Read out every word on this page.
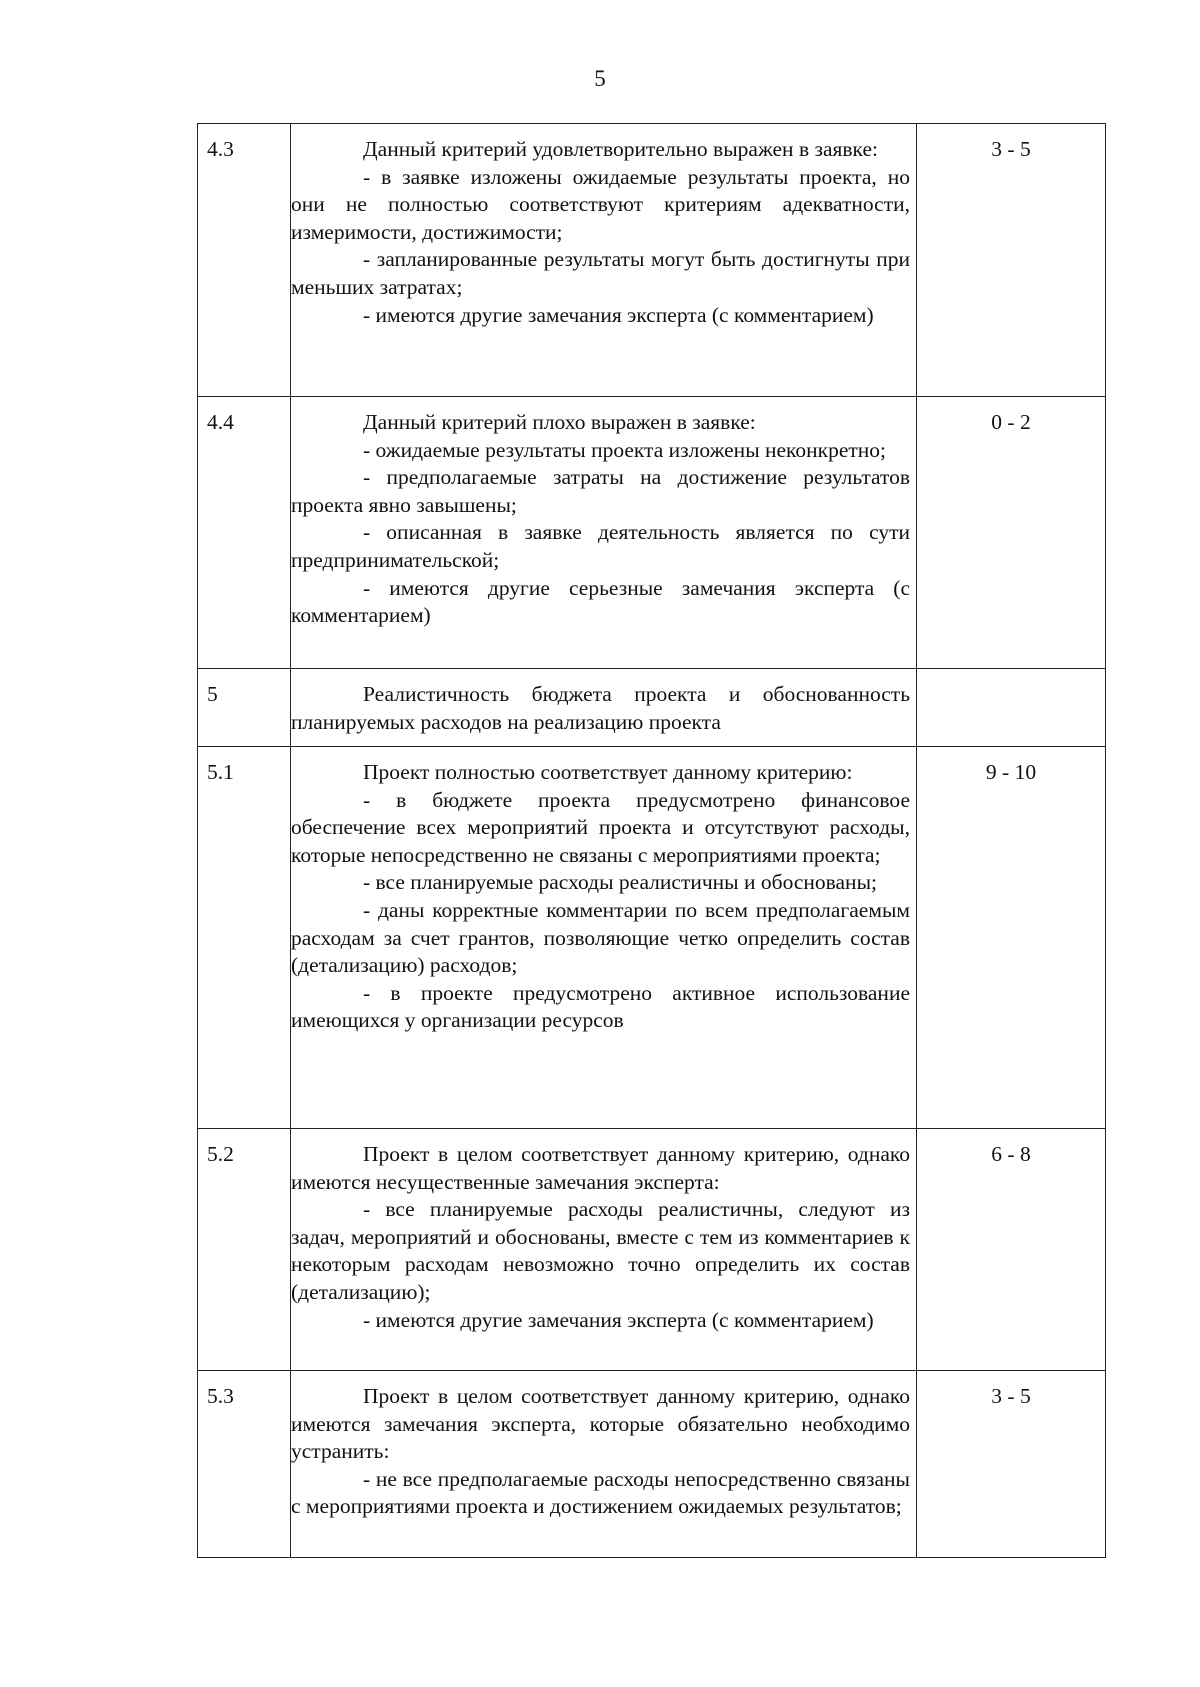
5
4.3	Данный критерий удовлетворительно выражен в заявке:
- в заявке изложены ожидаемые результаты проекта, но они не полностью соответствуют критериям адекватности, измеримости, достижимости;
- запланированные результаты могут быть достигнуты при меньших затратах;
- имеются другие замечания эксперта (с комментарием)	3 - 5
4.4	Данный критерий плохо выражен в заявке:
- ожидаемые результаты проекта изложены неконкретно;
- предполагаемые затраты на достижение результатов проекта явно завышены;
- описанная в заявке деятельность является по сути предпринимательской;
- имеются другие серьезные замечания эксперта (с комментарием)	0 - 2
5	Реалистичность бюджета проекта и обоснованность планируемых расходов на реализацию проекта	

5.1	Проект полностью соответствует данному критерию:
- в бюджете проекта предусмотрено финансовое обеспечение всех мероприятий проекта и отсутствуют расходы, которые непосредственно не связаны с мероприятиями проекта;
- все планируемые расходы реалистичны и обоснованы;
- даны корректные комментарии по всем предполагаемым расходам за счет грантов, позволяющие четко определить состав (детализацию) расходов;
- в проекте предусмотрено активное использование имеющихся у организации ресурсов	9 - 10
5.2	Проект в целом соответствует данному критерию, однако имеются несущественные замечания эксперта:
- все планируемые расходы реалистичны, следуют из задач, мероприятий и обоснованы, вместе с тем из комментариев к некоторым расходам невозможно точно определить их состав (детализацию);
- имеются другие замечания эксперта (с комментарием)	6 - 8
5.3	Проект в целом соответствует данному критерию, однако имеются замечания эксперта, которые обязательно необходимо устранить:
- не все предполагаемые расходы непосредственно связаны с мероприятиями проекта и достижением ожидаемых результатов;	3 - 5
